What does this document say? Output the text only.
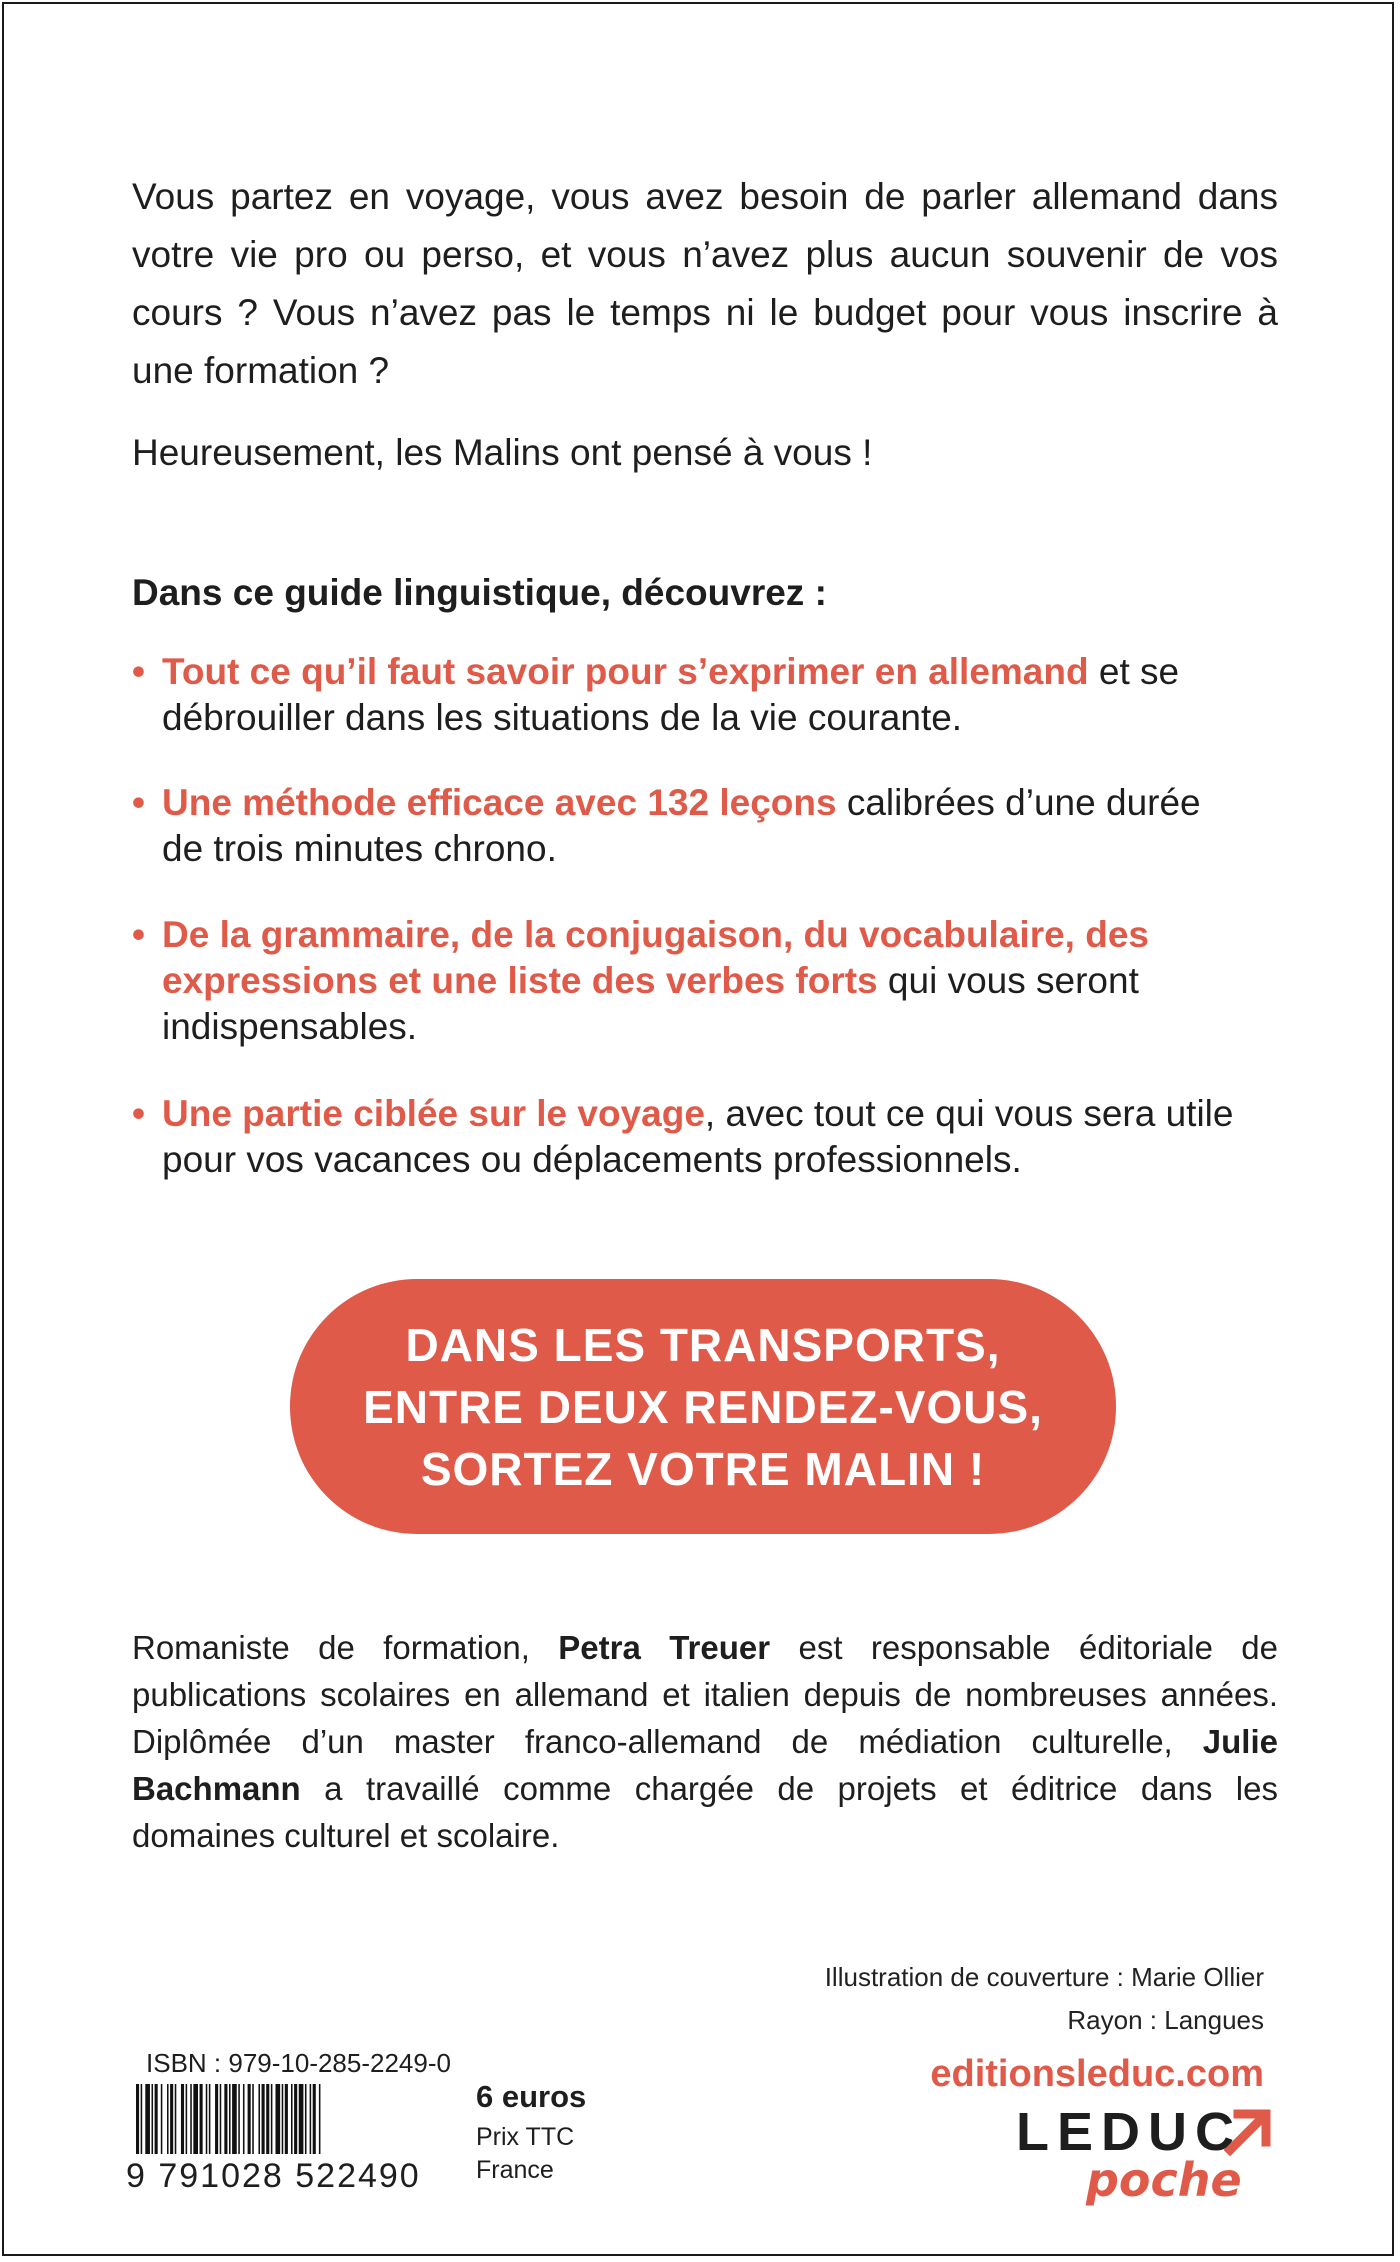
Vous partez en voyage, vous avez besoin de parler allemand dans votre vie pro ou perso, et vous n’avez plus aucun souvenir de vos cours ? Vous n’avez pas le temps ni le budget pour vous inscrire à une formation ?
Heureusement, les Malins ont pensé à vous !
Dans ce guide linguistique, découvrez :
• Tout ce qu’il faut savoir pour s’exprimer en allemand et se débrouiller dans les situations de la vie courante.
• Une méthode efficace avec 132 leçons calibrées d’une durée de trois minutes chrono.
• De la grammaire, de la conjugaison, du vocabulaire, des expressions et une liste des verbes forts qui vous seront indispensables.
• Une partie ciblée sur le voyage, avec tout ce qui vous sera utile pour vos vacances ou déplacements professionnels.
DANS LES TRANSPORTS,
ENTRE DEUX RENDEZ-VOUS,
SORTEZ VOTRE MALIN !
Romaniste de formation, Petra Treuer est responsable éditoriale de publications scolaires en allemand et italien depuis de nombreuses années. Diplômée d’un master franco-allemand de médiation culturelle, Julie Bachmann a travaillé comme chargée de projets et éditrice dans les domaines culturel et scolaire.
Illustration de couverture : Marie Ollier
Rayon : Langues
ISBN : 979-10-285-2249-0
9 791028 522490
6 euros
Prix TTC
France
editionsleduc.com
LEDUC
poche
